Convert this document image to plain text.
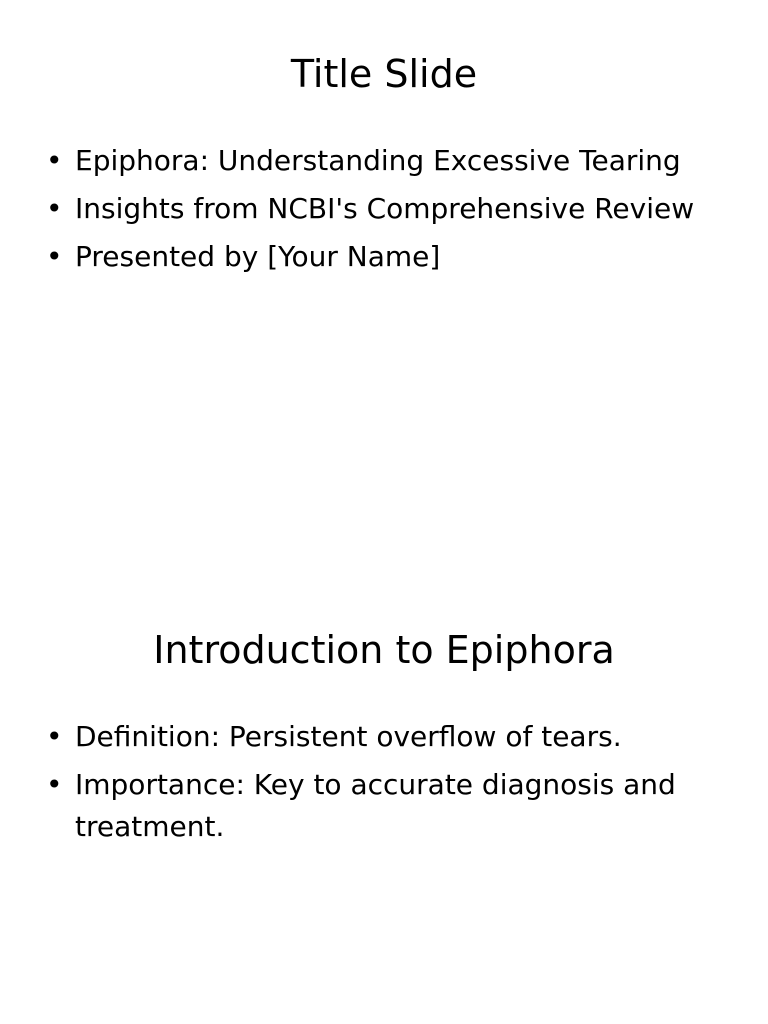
Title Slide
• Epiphora: Understanding Excessive Tearing
• Insights from NCBI's Comprehensive Review
• Presented by [Your Name]
Introduction to Epiphora
• Definition: Persistent overflow of tears.
• Importance: Key to accurate diagnosis and treatment.
